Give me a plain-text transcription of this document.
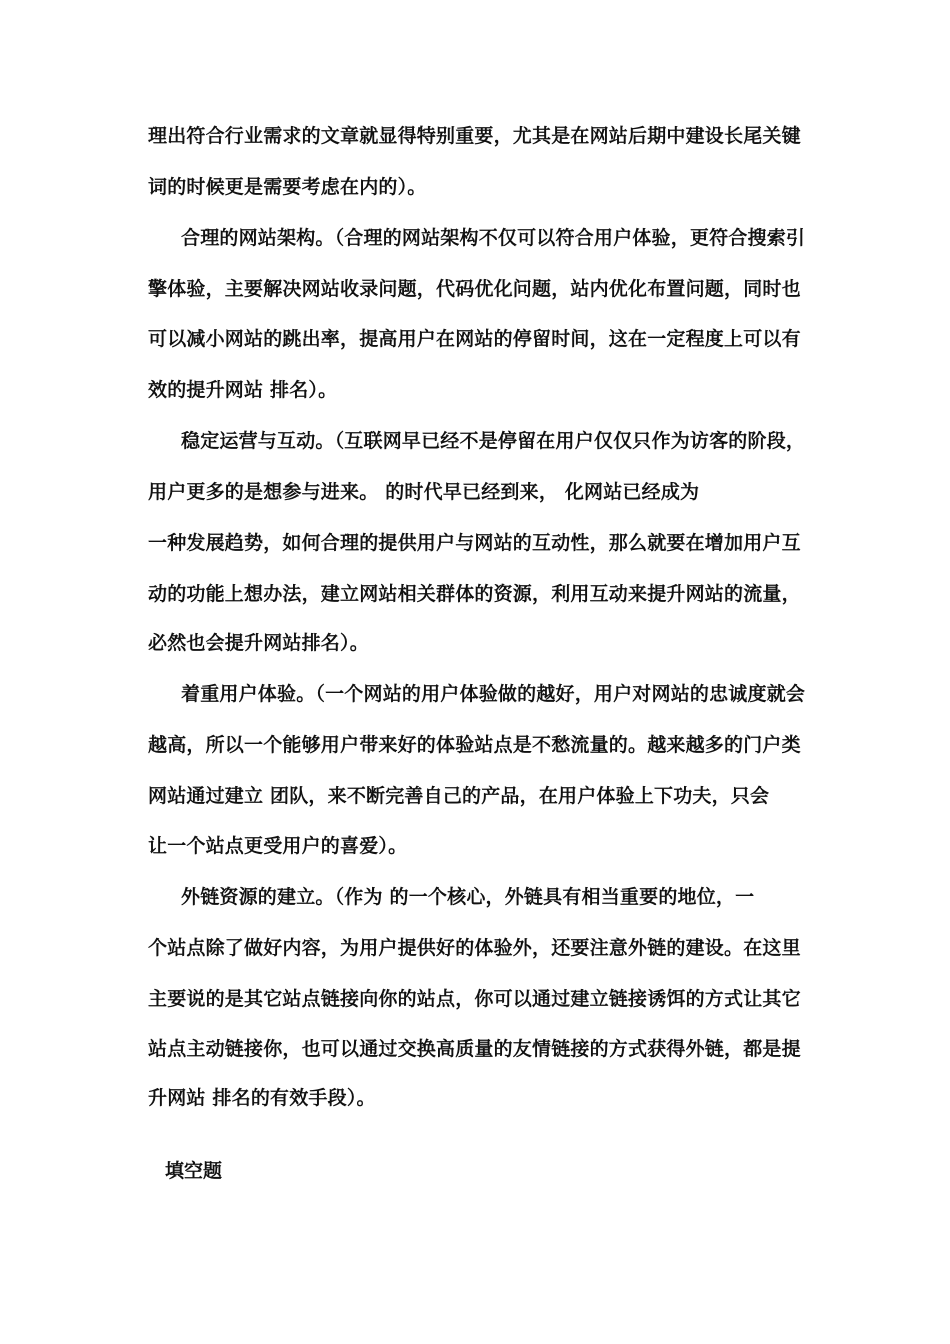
理出符合行业需求的文章就显得特别重要，尤其是在网站后期中建设长尾关键
词的时候更是需要考虑在内的）。
合理的网站架构。（合理的网站架构不仅可以符合用户体验，更符合搜索引
擎体验，主要解决网站收录问题，代码优化问题，站内优化布置问题，同时也
可以减小网站的跳出率，提高用户在网站的停留时间，这在一定程度上可以有
效的提升网站 排名）。
稳定运营与互动。（互联网早已经不是停留在用户仅仅只作为访客的阶段，
用户更多的是想参与进来。 的时代早已经到来， 化网站已经成为
一种发展趋势，如何合理的提供用户与网站的互动性，那么就要在增加用户互
动的功能上想办法，建立网站相关群体的资源，利用互动来提升网站的流量，
必然也会提升网站排名）。
着重用户体验。（一个网站的用户体验做的越好，用户对网站的忠诚度就会
越高，所以一个能够用户带来好的体验站点是不愁流量的。越来越多的门户类
网站通过建立 团队，来不断完善自己的产品，在用户体验上下功夫，只会
让一个站点更受用户的喜爱）。
外链资源的建立。（作为 的一个核心，外链具有相当重要的地位，一
个站点除了做好内容，为用户提供好的体验外，还要注意外链的建设。在这里
主要说的是其它站点链接向你的站点，你可以通过建立链接诱饵的方式让其它
站点主动链接你，也可以通过交换高质量的友情链接的方式获得外链，都是提
升网站 排名的有效手段）。
填空题
